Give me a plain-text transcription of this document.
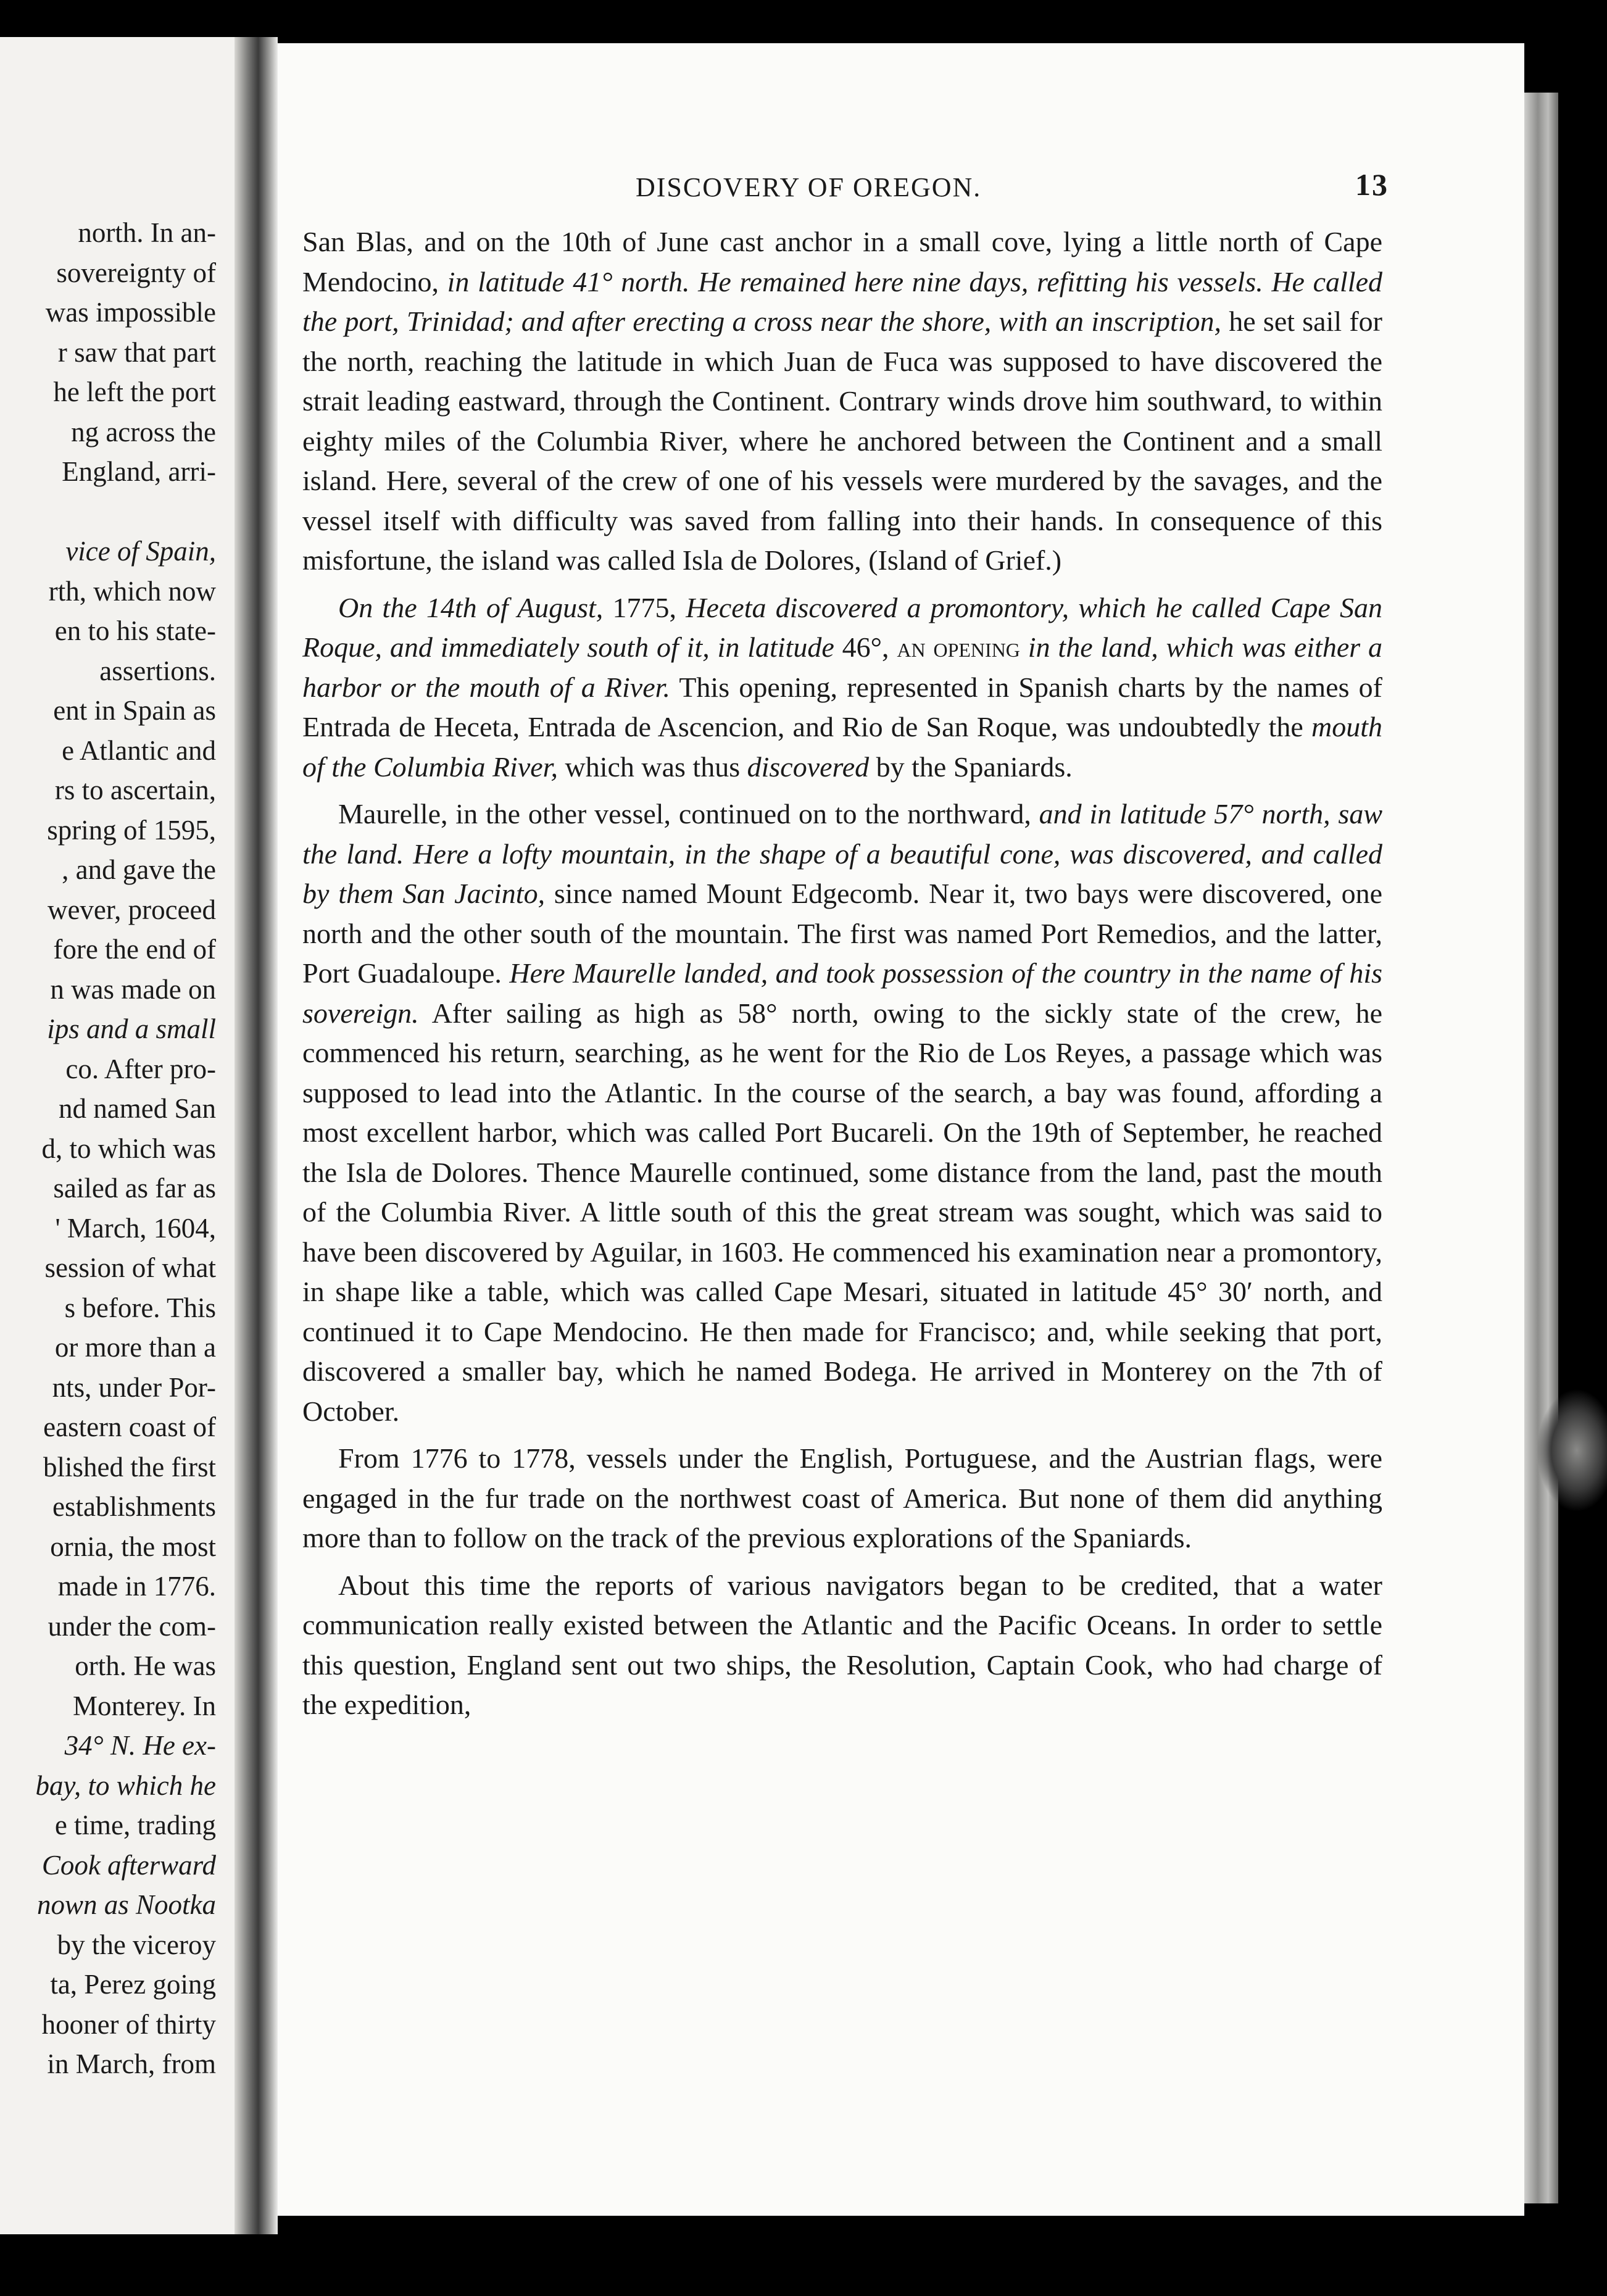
north. In an-
sovereignty of
was impossible
r saw that part
he left the port
ng across the
England, arri-
vice of Spain,
rth, which now
en to his state-
assertions.
ent in Spain as
e Atlantic and
rs to ascertain,
spring of 1595,
, and gave the
wever, proceed
fore the end of
n was made on
ips and a small
co. After pro-
nd named San
d, to which was
sailed as far as
' March, 1604,
session of what
s before. This
or more than a
nts, under Por-
eastern coast of
blished the first
establishments
ornia, the most
made in 1776.
under the com-
orth. He was
Monterey. In
34° N. He ex-
bay, to which he
e time, trading
Cook afterward
nown as Nootka
by the viceroy
ta, Perez going
hooner of thirty
in March, from
DISCOVERY OF OREGON.	13

San Blas, and on the 10th of June cast anchor in a small cove, lying a little north of Cape Mendocino, in latitude 41° north. He remained here nine days, refitting his vessels. He called the port, Trinidad; and after erecting a cross near the shore, with an inscription, he set sail for the north, reaching the latitude in which Juan de Fuca was supposed to have discovered the strait leading eastward, through the Continent. Contrary winds drove him southward, to within eighty miles of the Columbia River, where he anchored between the Continent and a small island. Here, several of the crew of one of his vessels were murdered by the savages, and the vessel itself with difficulty was saved from falling into their hands. In consequence of this misfortune, the island was called Isla de Dolores, (Island of Grief.)

On the 14th of August, 1775, Heceta discovered a promontory, which he called Cape San Roque, and immediately south of it, in latitude 46°, an opening in the land, which was either a harbor or the mouth of a River. This opening, represented in Spanish charts by the names of Entrada de Heceta, Entrada de Ascencion, and Rio de San Roque, was undoubtedly the mouth of the Columbia River, which was thus discovered by the Spaniards.

Maurelle, in the other vessel, continued on to the northward, and in latitude 57° north, saw the land. Here a lofty mountain, in the shape of a beautiful cone, was discovered, and called by them San Jacinto, since named Mount Edgecomb. Near it, two bays were discovered, one north and the other south of the mountain. The first was named Port Remedios, and the latter, Port Guadaloupe. Here Maurelle landed, and took possession of the country in the name of his sovereign. After sailing as high as 58° north, owing to the sickly state of the crew, he commenced his return, searching, as he went for the Rio de Los Reyes, a passage which was supposed to lead into the Atlantic. In the course of the search, a bay was found, affording a most excellent harbor, which was called Port Bucareli. On the 19th of September, he reached the Isla de Dolores. Thence Maurelle continued, some distance from the land, past the mouth of the Columbia River. A little south of this the great stream was sought, which was said to have been discovered by Aguilar, in 1603. He commenced his examination near a promontory, in shape like a table, which was called Cape Mesari, situated in latitude 45° 30′ north, and continued it to Cape Mendocino. He then made for Francisco; and, while seeking that port, discovered a smaller bay, which he named Bodega. He arrived in Monterey on the 7th of October.

From 1776 to 1778, vessels under the English, Portuguese, and the Austrian flags, were engaged in the fur trade on the northwest coast of America. But none of them did anything more than to follow on the track of the previous explorations of the Spaniards.

About this time the reports of various navigators began to be credited, that a water communication really existed between the Atlantic and the Pacific Oceans. In order to settle this question, England sent out two ships, the Resolution, Captain Cook, who had charge of the expedition,
